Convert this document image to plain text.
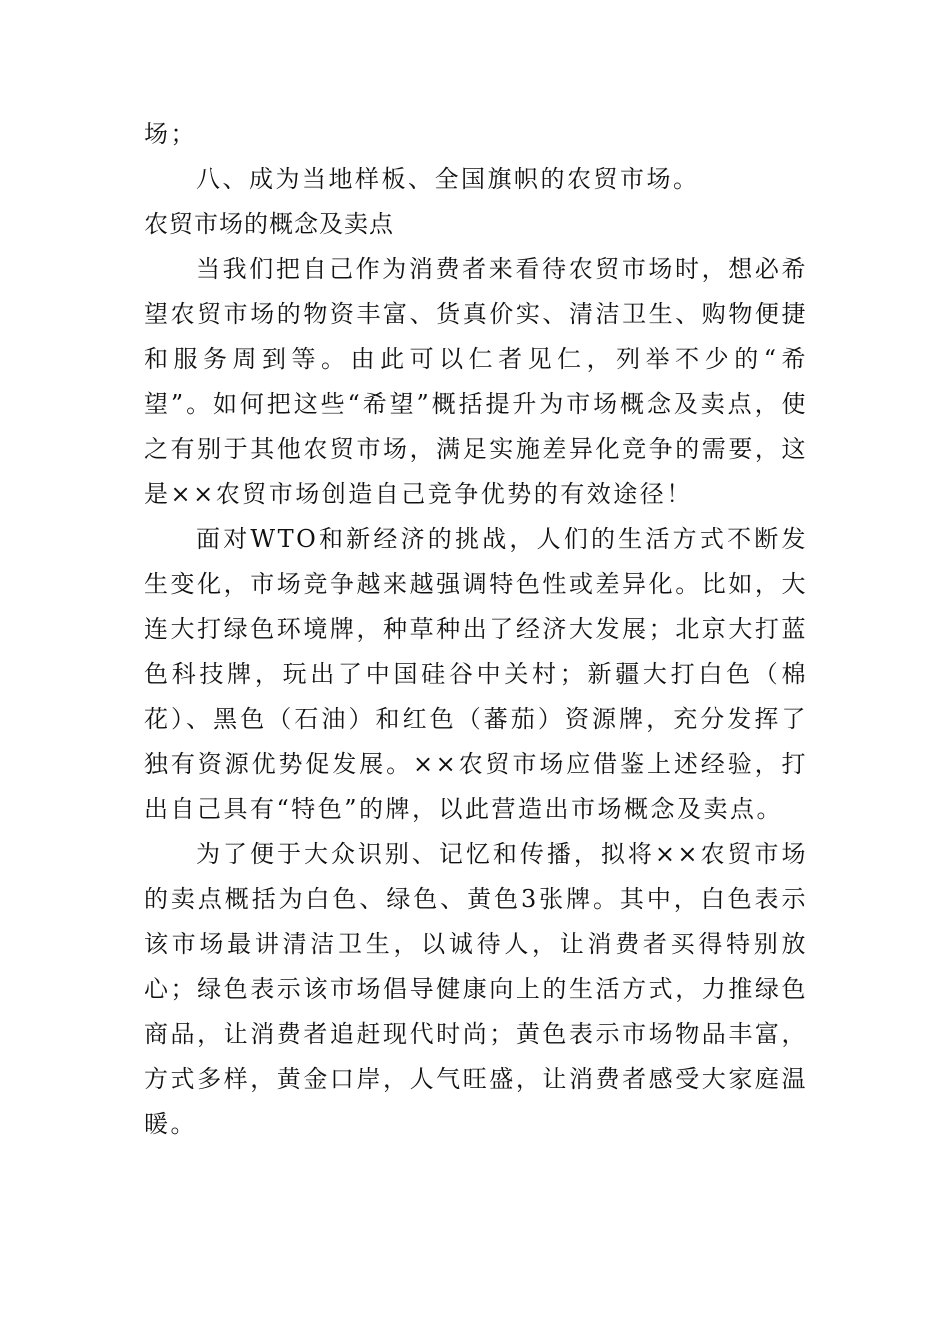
场；

八、成为当地样板、全国旗帜的农贸市场。

农贸市场的概念及卖点

当我们把自己作为消费者来看待农贸市场时，想必希望农贸市场的物资丰富、货真价实、清洁卫生、购物便捷和服务周到等。由此可以仁者见仁，列举不少的“希望”。如何把这些“希望”概括提升为市场概念及卖点，使之有别于其他农贸市场，满足实施差异化竞争的需要，这是××农贸市场创造自己竞争优势的有效途径！

面对WTO和新经济的挑战，人们的生活方式不断发生变化，市场竞争越来越强调特色性或差异化。比如，大连大打绿色环境牌，种草种出了经济大发展；北京大打蓝色科技牌，玩出了中国硅谷中关村；新疆大打白色（棉花）、黑色（石油）和红色（蕃茄）资源牌，充分发挥了独有资源优势促发展。××农贸市场应借鉴上述经验，打出自己具有“特色”的牌，以此营造出市场概念及卖点。

为了便于大众识别、记忆和传播，拟将××农贸市场的卖点概括为白色、绿色、黄色3张牌。其中，白色表示该市场最讲清洁卫生，以诚待人，让消费者买得特别放心；绿色表示该市场倡导健康向上的生活方式，力推绿色商品，让消费者追赶现代时尚；黄色表示市场物品丰富，方式多样，黄金口岸，人气旺盛，让消费者感受大家庭温暖。
